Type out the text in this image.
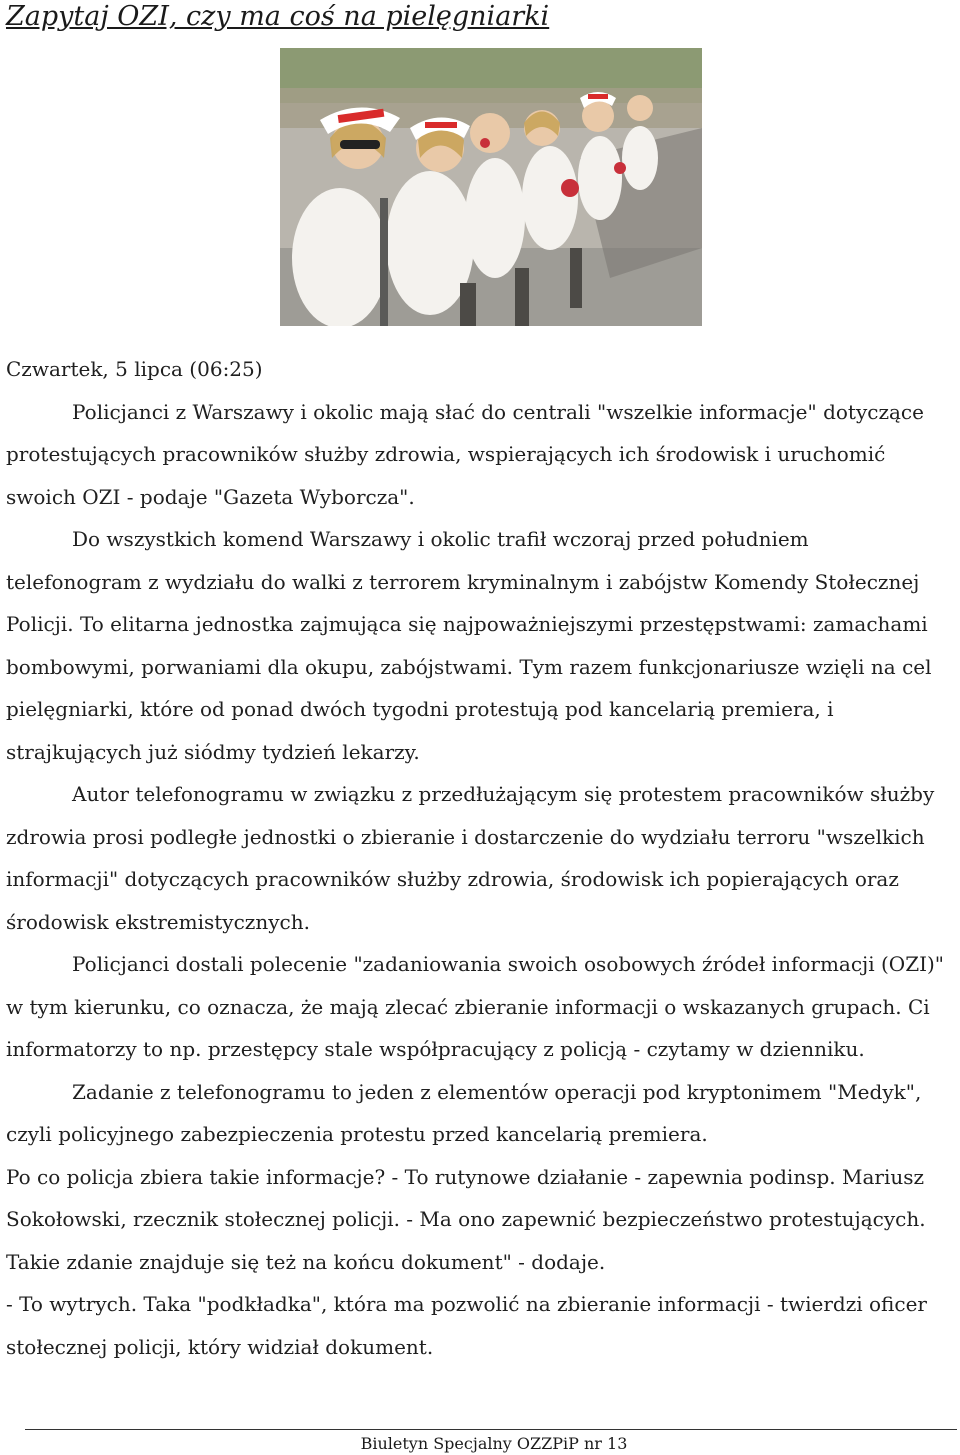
Zapytaj OZI, czy ma coś na pielęgniarki

Czwartek, 5 lipca (06:25)

Policjanci z Warszawy i okolic mają słać do centrali "wszelkie informacje" dotyczące protestujących pracowników służby zdrowia, wspierających ich środowisk i uruchomić swoich OZI - podaje "Gazeta Wyborcza".

Do wszystkich komend Warszawy i okolic trafił wczoraj przed południem telefonogram z wydziału do walki z terrorem kryminalnym i zabójstw Komendy Stołecznej Policji. To elitarna jednostka zajmująca się najpoważniejszymi przestępstwami: zamachami bombowymi, porwaniami dla okupu, zabójstwami. Tym razem funkcjonariusze wzięli na cel pielęgniarki, które od ponad dwóch tygodni protestują pod kancelarią premiera, i strajkujących już siódmy tydzień lekarzy.

Autor telefonogramu w związku z przedłużającym się protestem pracowników służby zdrowia prosi podległe jednostki o zbieranie i dostarczenie do wydziału terroru "wszelkich informacji" dotyczących pracowników służby zdrowia, środowisk ich popierających oraz środowisk ekstremistycznych.

Policjanci dostali polecenie "zadaniowania swoich osobowych źródeł informacji (OZI)" w tym kierunku, co oznacza, że mają zlecać zbieranie informacji o wskazanych grupach. Ci informatorzy to np. przestępcy stale współpracujący z policją - czytamy w dzienniku.

Zadanie z telefonogramu to jeden z elementów operacji pod kryptonimem "Medyk", czyli policyjnego zabezpieczenia protestu przed kancelarią premiera.

Po co policja zbiera takie informacje? - To rutynowe działanie - zapewnia podinsp. Mariusz Sokołowski, rzecznik stołecznej policji. - Ma ono zapewnić bezpieczeństwo protestujących. Takie zdanie znajduje się też na końcu dokument" - dodaje.

- To wytrych. Taka "podkładka", która ma pozwolić na zbieranie informacji - twierdzi oficer stołecznej policji, który widział dokument.

Biuletyn Specjalny OZZPiP nr 13
